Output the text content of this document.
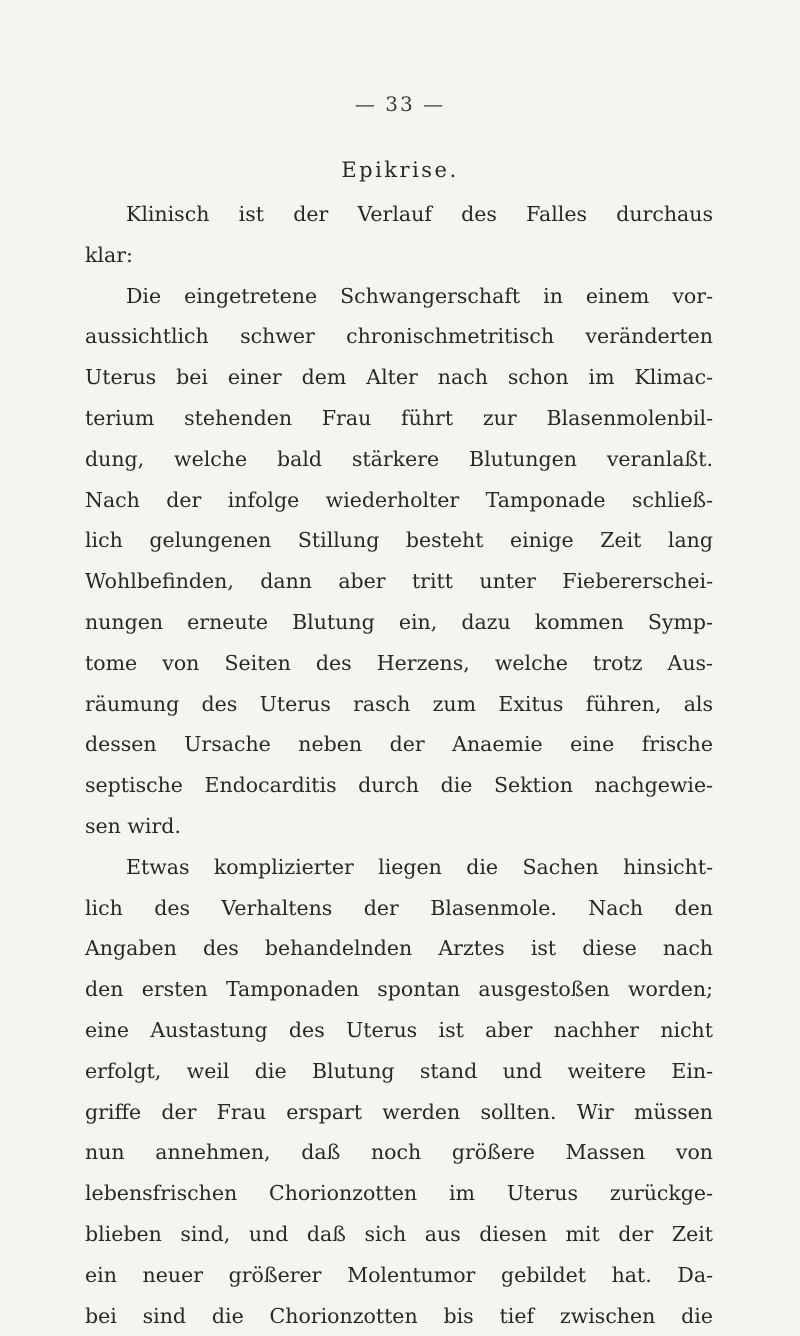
— 33 —
Epikrise.
Klinisch ist der Verlauf des Falles durchaus
klar:
Die eingetretene Schwangerschaft in einem vor-
aussichtlich schwer chronischmetritisch veränderten
Uterus bei einer dem Alter nach schon im Klimac-
terium stehenden Frau führt zur Blasenmolenbil-
dung, welche bald stärkere Blutungen veranlaßt.
Nach der infolge wiederholter Tamponade schließ-
lich gelungenen Stillung besteht einige Zeit lang
Wohlbefinden, dann aber tritt unter Fiebererschei-
nungen erneute Blutung ein, dazu kommen Symp-
tome von Seiten des Herzens, welche trotz Aus-
räumung des Uterus rasch zum Exitus führen, als
dessen Ursache neben der Anaemie eine frische
septische Endocarditis durch die Sektion nachgewie-
sen wird.
Etwas komplizierter liegen die Sachen hinsicht-
lich des Verhaltens der Blasenmole. Nach den
Angaben des behandelnden Arztes ist diese nach
den ersten Tamponaden spontan ausgestoßen worden;
eine Austastung des Uterus ist aber nachher nicht
erfolgt, weil die Blutung stand und weitere Ein-
griffe der Frau erspart werden sollten. Wir müssen
nun annehmen, daß noch größere Massen von
lebensfrischen Chorionzotten im Uterus zurückge-
blieben sind, und daß sich aus diesen mit der Zeit
ein neuer größerer Molentumor gebildet hat. Da-
bei sind die Chorionzotten bis tief zwischen die
